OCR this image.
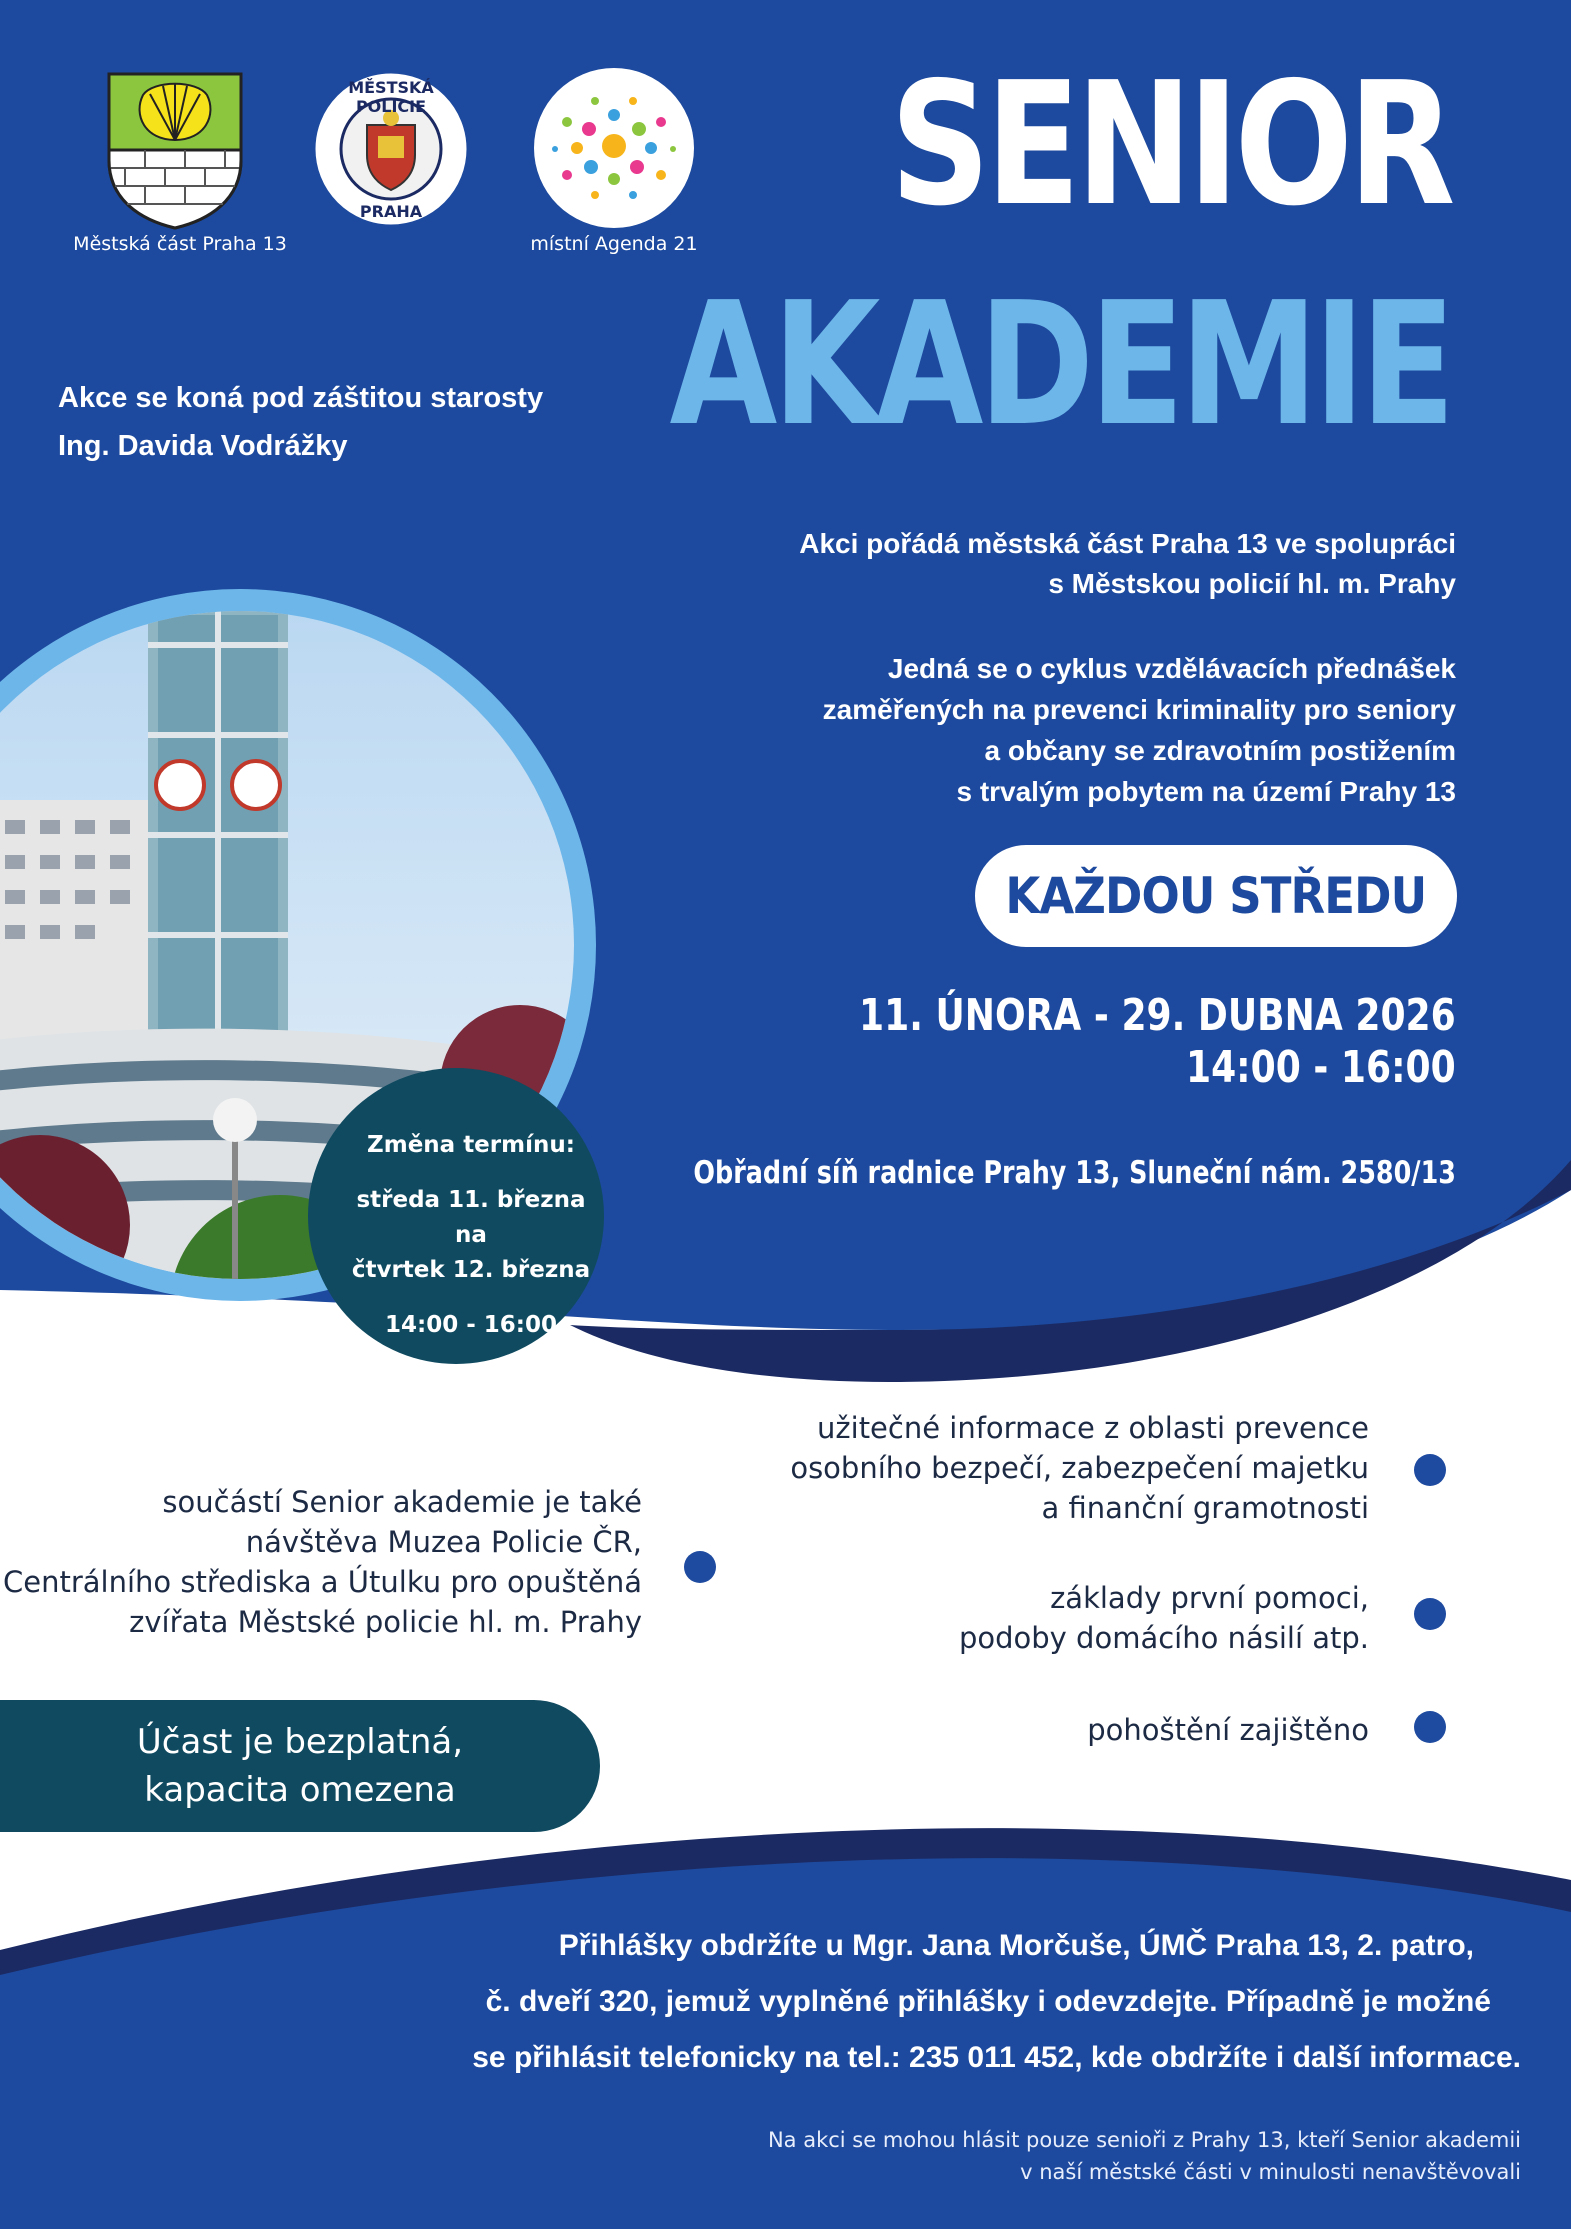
Městská část Praha 13
MĚSTSKÁ POLICIE
PRAHA
místní Agenda 21 SENIOR
AKADEMIE
Akce se koná pod záštitou starosty
Ing. Davida Vodrážky
Akci pořádá městská část Praha 13 ve spolupráci
s Městskou policií hl. m. Prahy
Jedná se o cyklus vzdělávacích přednášek
zaměřených na prevenci kriminality pro seniory
a občany se zdravotním postižením
s trvalým pobytem na území Prahy 13
KAŽDOU STŘEDU
11. ÚNORA - 29. DUBNA 2026
14:00 - 16:00
Obřadní síň radnice Prahy 13, Sluneční nám. 2580/13
Změna termínu:
středa 11. března
na
čtvrtek 12. března
14:00 - 16:00
užitečné informace z oblasti prevence
osobního bezpečí, zabezpečení majetku
a finanční gramotnosti
základy první pomoci,
podoby domácího násilí atp.
pohoštění zajištěno
součástí Senior akademie je také
návštěva Muzea Policie ČR,
Centrálního střediska a Útulku pro opuštěná
zvířata Městské policie hl. m. Prahy
Účast je bezplatná,
kapacita omezena
Přihlášky obdržíte u Mgr. Jana Morčuše, ÚMČ Praha 13, 2. patro,
č. dveří 320, jemuž vyplněné přihlášky i odevzdejte. Případně je možné
se přihlásit telefonicky na tel.: 235 011 452, kde obdržíte i další informace.
Na akci se mohou hlásit pouze senioři z Prahy 13, kteří Senior akademii
v naší městské části v minulosti nenavštěvovali
